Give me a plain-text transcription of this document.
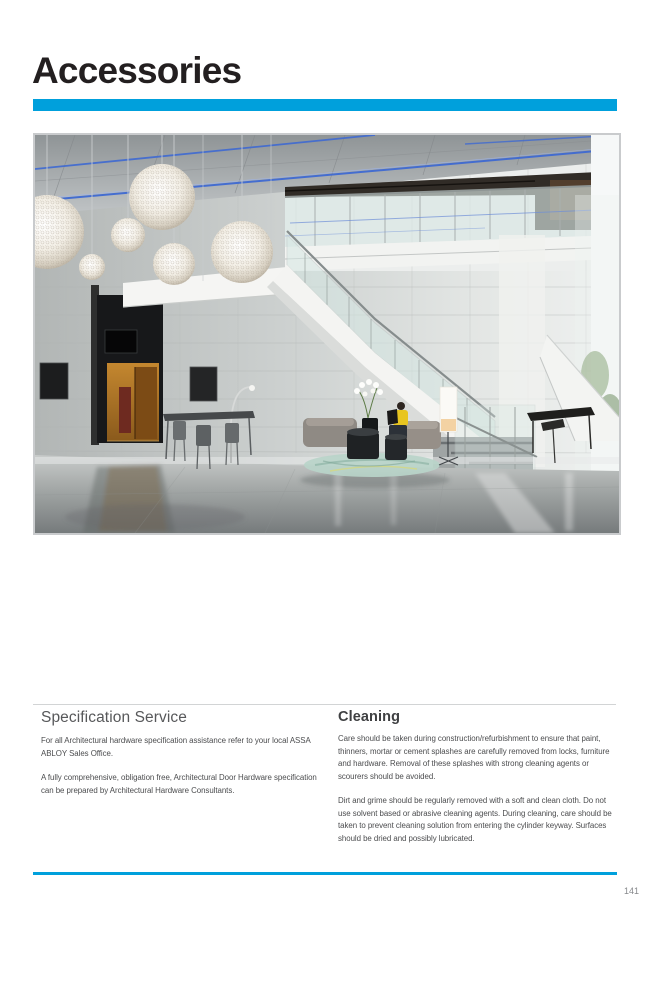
Accessories
Specification Service

For all Architectural hardware specification assistance refer to your local ASSA ABLOY Sales Office.

A fully comprehensive, obligation free, Architectural Door Hardware specification can be prepared by Architectural Hardware Consultants.

Cleaning

Care should be taken during construction/refurbishment to ensure that paint, thinners, mortar or cement splashes are carefully removed from locks, furniture and hardware. Removal of these splashes with strong cleaning agents or scourers should be avoided.

Dirt and grime should be regularly removed with a soft and clean cloth. Do not use solvent based or abrasive cleaning agents. During cleaning, care should be taken to prevent cleaning solution from entering the cylinder keyway. Surfaces should be dried and possibly lubricated.

141
